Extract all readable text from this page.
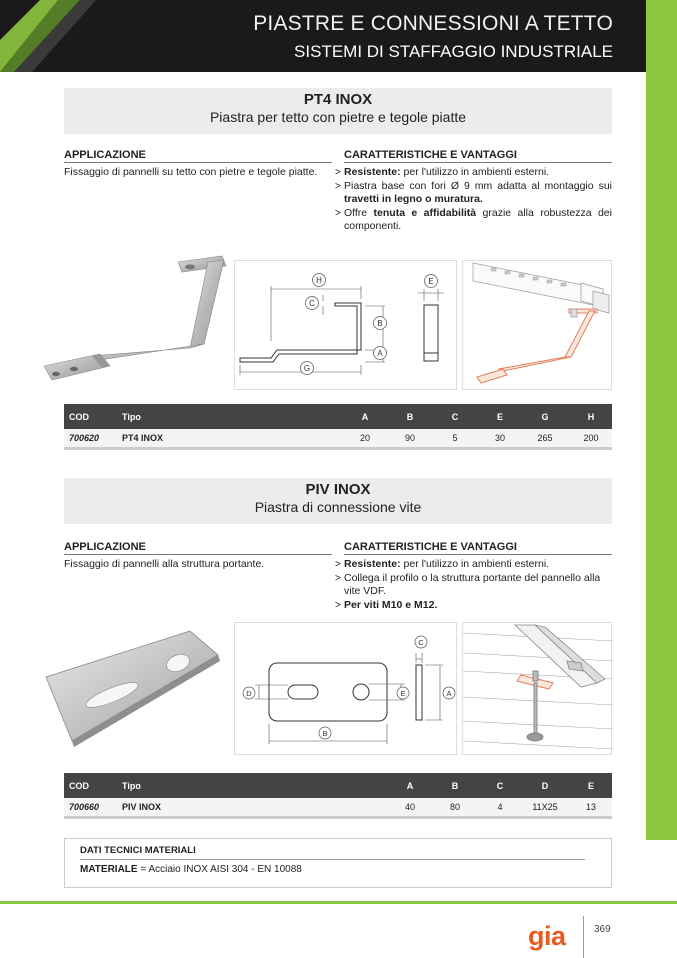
PIASTRE E CONNESSIONI A TETTO
SISTEMI DI STAFFAGGIO INDUSTRIALE
PT4 INOX
Piastra per tetto con pietre e tegole piatte
APPLICAZIONE
Fissaggio di pannelli su tetto con pietre e tegole piatte.
CARATTERISTICHE E VANTAGGI
> Resistente: per l'utilizzo in ambienti esterni.
> Piastra base con fori Ø 9 mm adatta al montaggio sui travetti in legno o muratura.
> Offre tenuta e affidabilità grazie alla robustezza dei componenti.
H
C
B
A
G
E
COD	Tipo	A	B	C	E	G	H
700620	PT4 INOX	20	90	5	30	265	200
PIV INOX
Piastra di connessione vite
APPLICAZIONE
Fissaggio di pannelli alla struttura portante.
CARATTERISTICHE E VANTAGGI
> Resistente: per l'utilizzo in ambienti esterni.
> Collega il profilo o la struttura portante del pannello alla vite VDF.
> Per viti M10 e M12.
C
D	E	A
B
COD	Tipo	A	B	C	D	E
700660	PIV INOX	40	80	4	11X25	13
DATI TECNICI MATERIALI
MATERIALE = Acciaio INOX AISI 304 - EN 10088
gia	369
